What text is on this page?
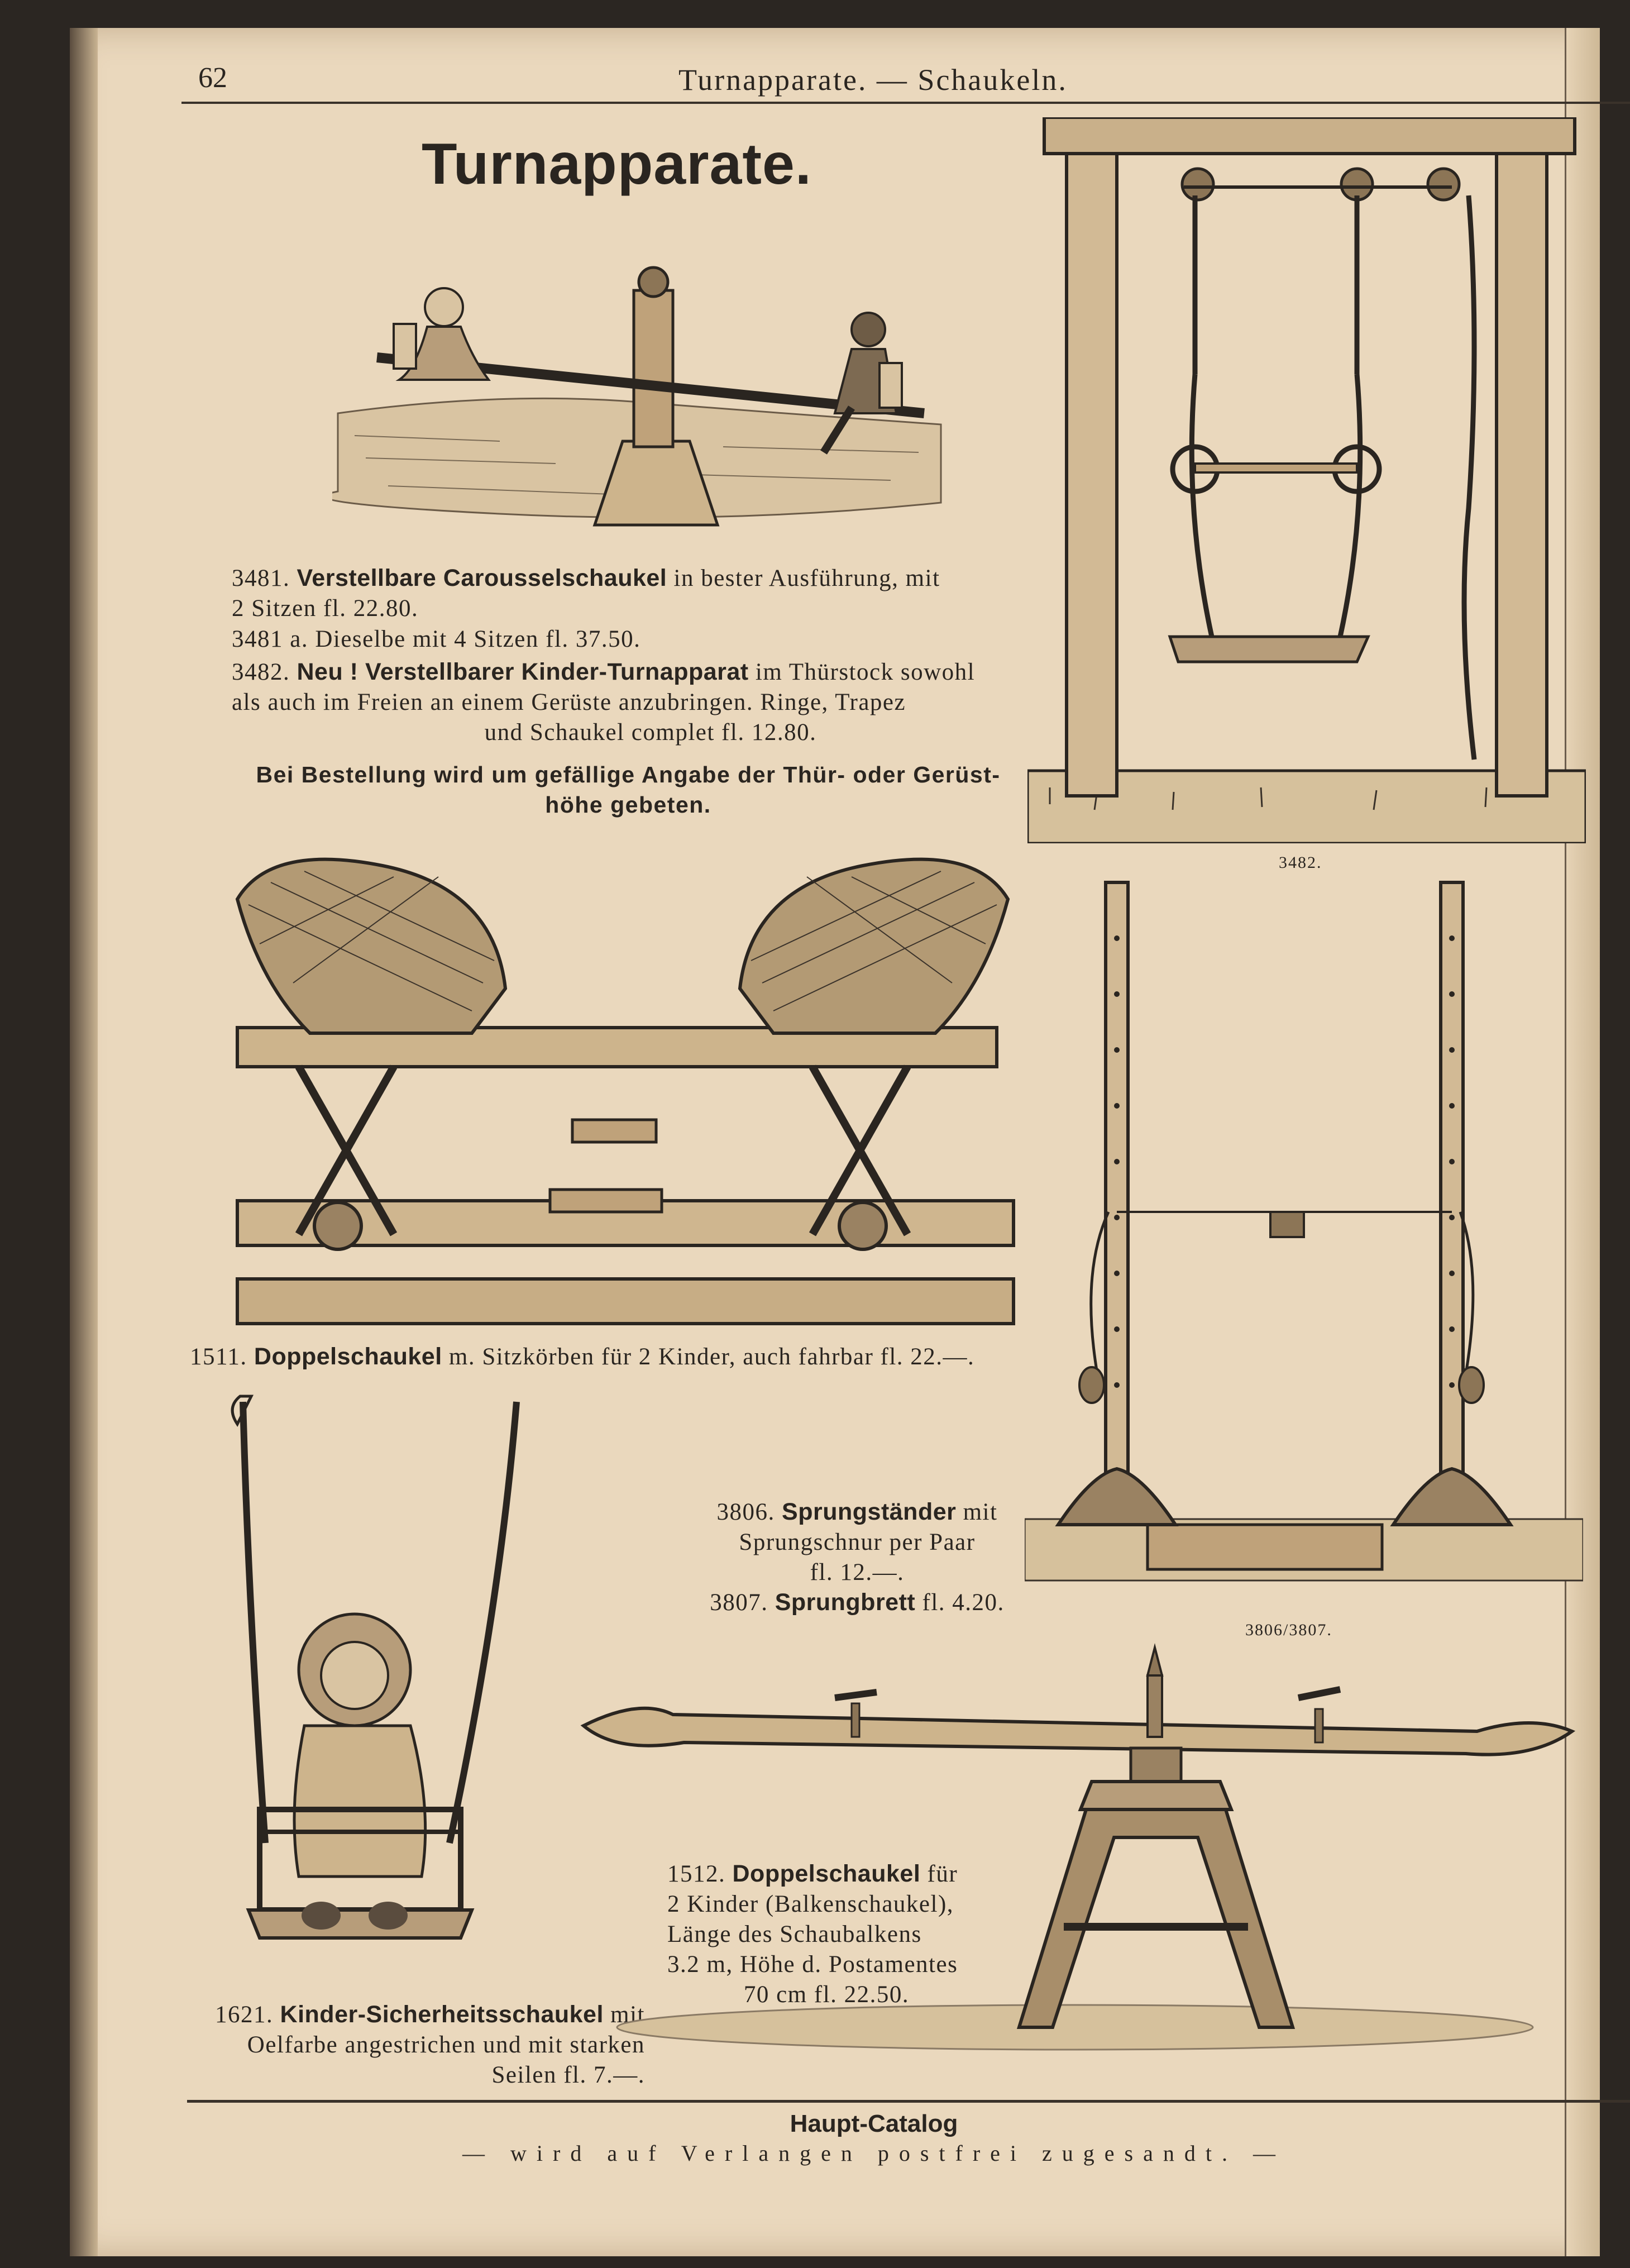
62	Turnapparate. — Schaukeln.
Turnapparate.
3481. Verstellbare Carousselschaukel in bester Ausführung, mit
2 Sitzen fl. 22.80.
3481 a. Dieselbe mit 4 Sitzen fl. 37.50.
3482. Neu ! Verstellbarer Kinder-Turnapparat im Thürstock sowohl
als auch im Freien an einem Gerüste anzubringen. Ringe, Trapez
und Schaukel complet fl. 12.80.
Bei Bestellung wird um gefällige Angabe der Thür- oder Gerüst-
höhe gebeten.
3482.
1511. Doppelschaukel m. Sitzkörben für 2 Kinder, auch fahrbar fl. 22.—.
3806/3807.
3806. Sprungständer mit
Sprungschnur per Paar
fl. 12.—.
3807. Sprungbrett fl. 4.20.
1621. Kinder-Sicherheitsschaukel mit
Oelfarbe angestrichen und mit starken
Seilen fl. 7.—.
1512. Doppelschaukel für
2 Kinder (Balkenschaukel),
Länge des Schaubalkens
3.2 m, Höhe d. Postamentes
70 cm fl. 22.50.
Haupt-Catalog
— wird auf Verlangen postfrei zugesandt. —
